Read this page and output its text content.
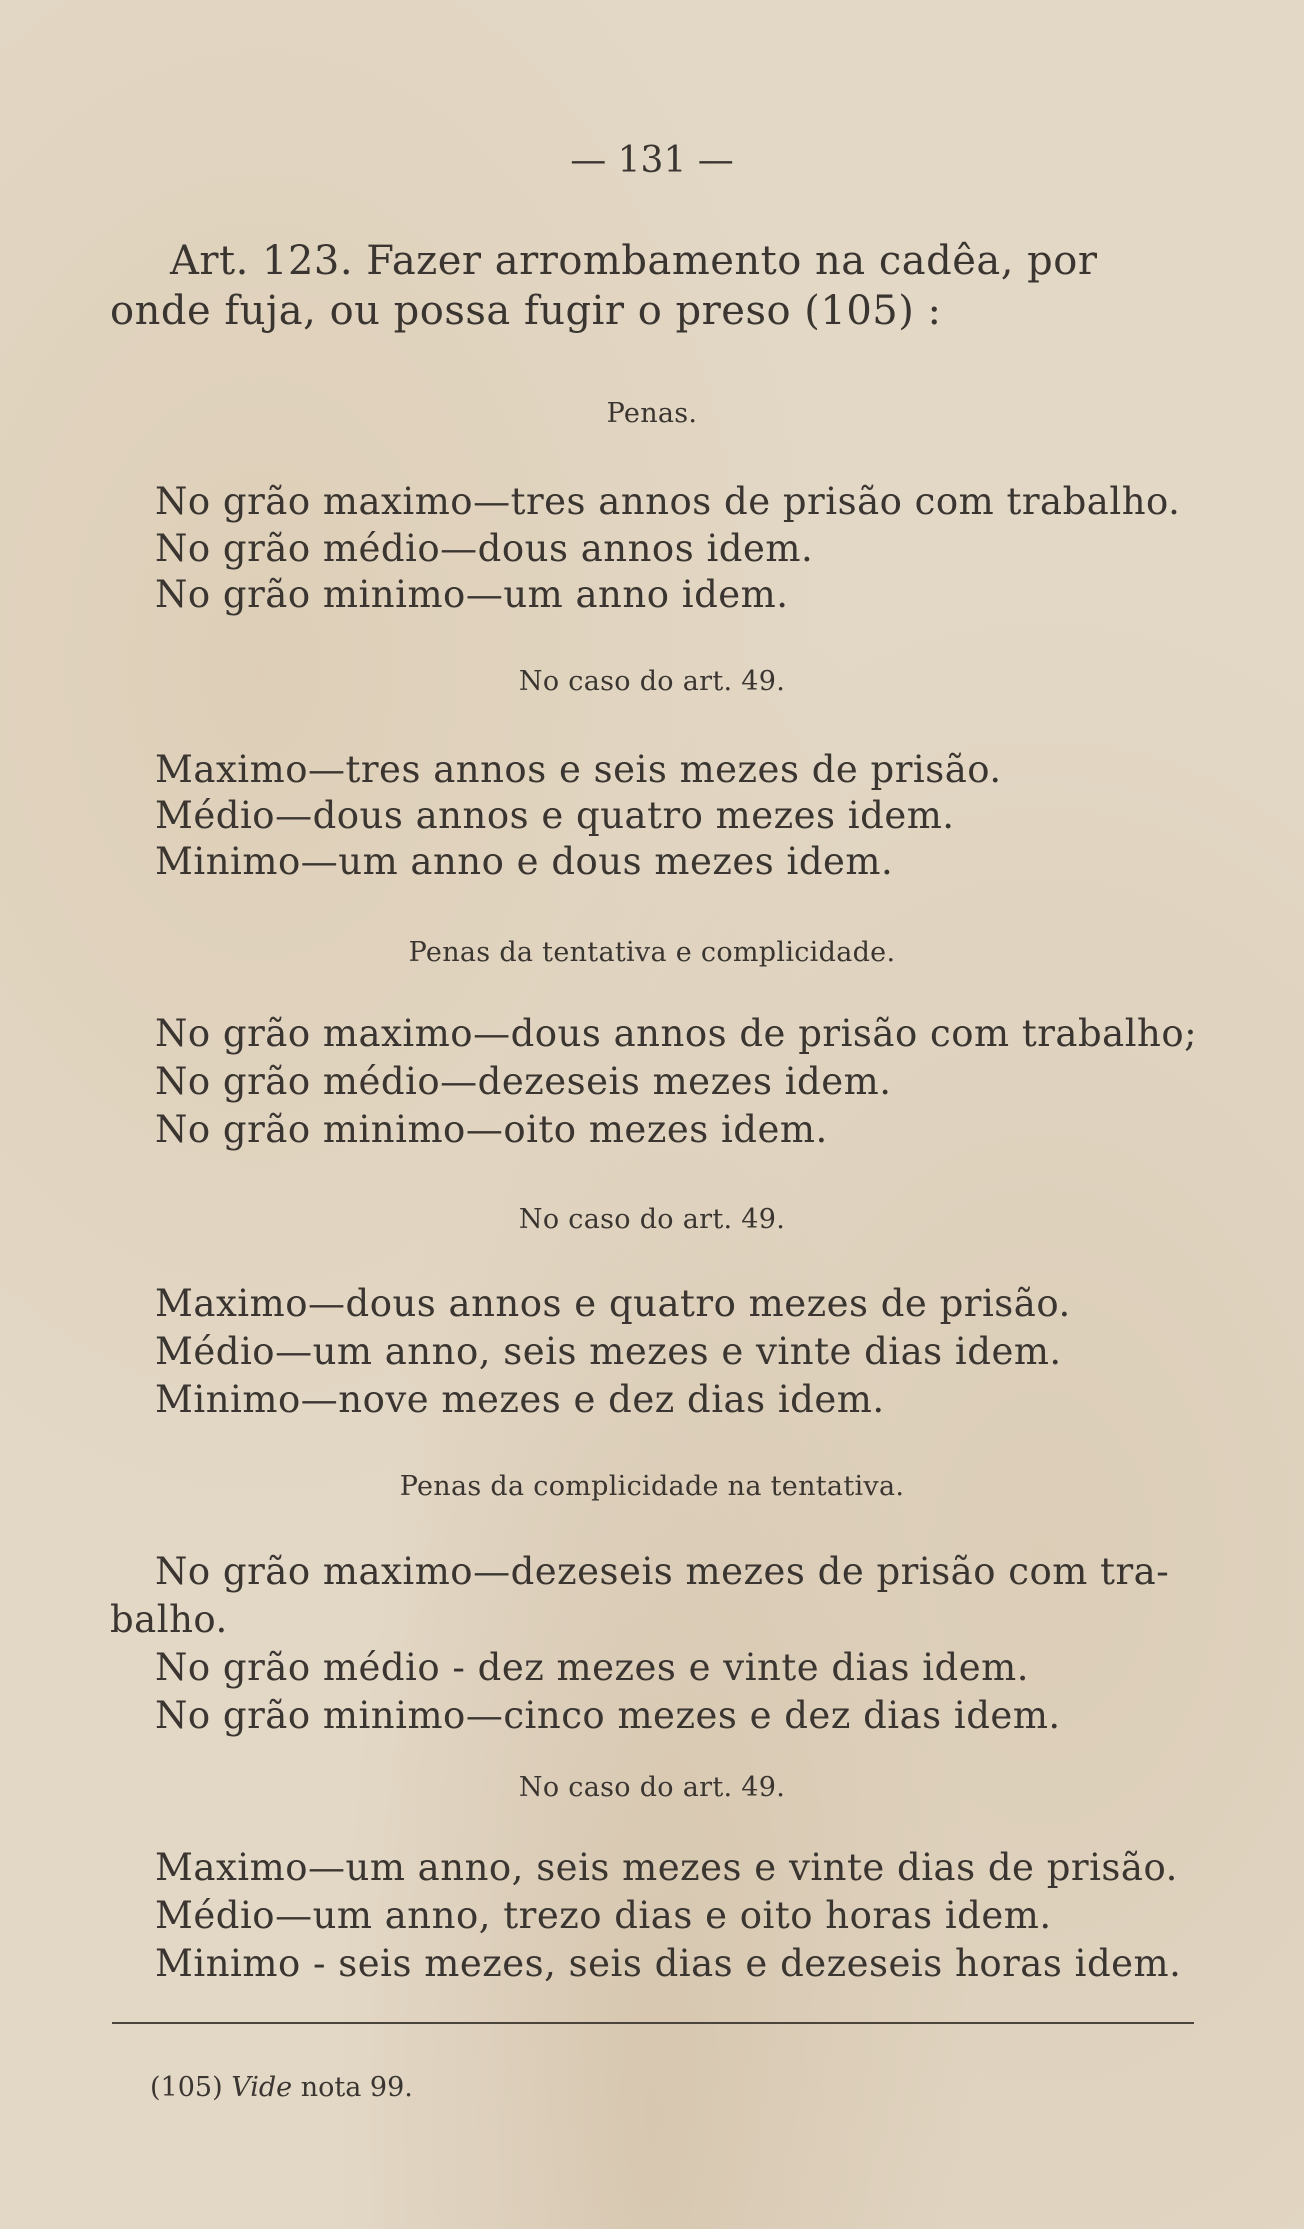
— 131 —
Art. 123. Fazer arrombamento na cadêa, por
onde fuja, ou possa fugir o preso (105) :
Penas.
No grão maximo—tres annos de prisão com trabalho.
No grão médio—dous annos idem.
No grão minimo—um anno idem.
No caso do art. 49.
Maximo—tres annos e seis mezes de prisão.
Médio—dous annos e quatro mezes idem.
Minimo—um anno e dous mezes idem.
Penas da tentativa e complicidade.
No grão maximo—dous annos de prisão com trabalho;
No grão médio—dezeseis mezes idem.
No grão minimo—oito mezes idem.
No caso do art. 49.
Maximo—dous annos e quatro mezes de prisão.
Médio—um anno, seis mezes e vinte dias idem.
Minimo—nove mezes e dez dias idem.
Penas da complicidade na tentativa.
No grão maximo—dezeseis mezes de prisão com tra-
balho.
No grão médio - dez mezes e vinte dias idem.
No grão minimo—cinco mezes e dez dias idem.
No caso do art. 49.
Maximo—um anno, seis mezes e vinte dias de prisão.
Médio—um anno, trezo dias e oito horas idem.
Minimo - seis mezes, seis dias e dezeseis horas idem.
(105) Vide nota 99.
